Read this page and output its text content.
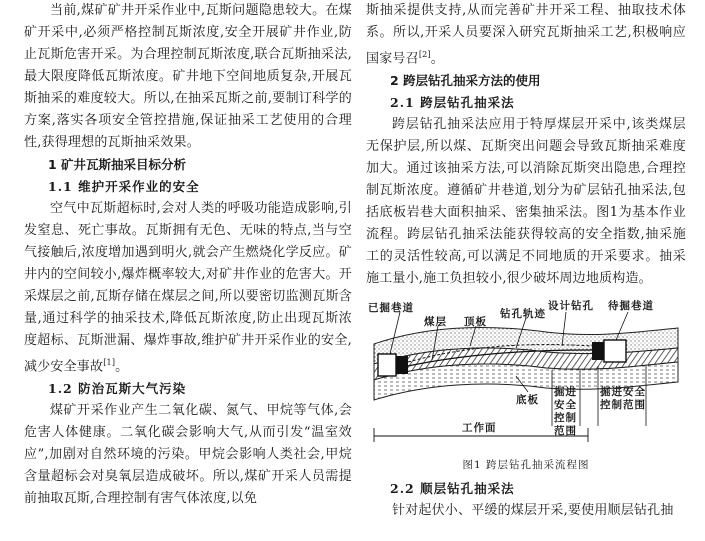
当前,煤矿矿井开采作业中,瓦斯问题隐患较大。在煤矿开采中,必须严格控制瓦斯浓度,安全开展矿井作业,防止瓦斯危害开采。为合理控制瓦斯浓度,联合瓦斯抽采法,最大限度降低瓦斯浓度。矿井地下空间地质复杂,开展瓦斯抽采的难度较大。所以,在抽采瓦斯之前,要制订科学的方案,落实各项安全管控措施,保证抽采工艺使用的合理性,获得理想的瓦斯抽采效果。

1 矿井瓦斯抽采目标分析

1.1 维护开采作业的安全

空气中瓦斯超标时,会对人类的呼吸功能造成影响,引发窒息、死亡事故。瓦斯拥有无色、无味的特点,当与空气接触后,浓度增加遇到明火,就会产生燃烧化学反应。矿井内的空间较小,爆炸概率较大,对矿井作业的危害大。开采煤层之前,瓦斯存储在煤层之间,所以要密切监测瓦斯含量,通过科学的抽采技术,降低瓦斯浓度,防止出现瓦斯浓度超标、瓦斯泄漏、爆炸事故,维护矿井开采作业的安全,减少安全事故[1]。

1.2 防治瓦斯大气污染

煤矿开采作业产生二氧化碳、氮气、甲烷等气体,会危害人体健康。二氧化碳会影响大气,从而引发“温室效应”,加剧对自然环境的污染。甲烷会影响人类社会,甲烷含量超标会对臭氧层造成破坏。所以,煤矿开采人员需提前抽取瓦斯,合理控制有害气体浓度,以免

斯抽采提供支持,从而完善矿井开采工程、抽取技术体系。所以,开采人员要深入研究瓦斯抽采工艺,积极响应国家号召[2]。

2 跨层钻孔抽采方法的使用

2.1 跨层钻孔抽采法

跨层钻孔抽采法应用于特厚煤层开采中,该类煤层无保护层,所以煤、瓦斯突出问题会导致瓦斯抽采难度加大。通过该抽采方法,可以消除瓦斯突出隐患,合理控制瓦斯浓度。遵循矿井巷道,划分为矿层钻孔抽采法,包括底板岩巷大面积抽采、密集抽采法。图1为基本作业流程。跨层钻孔抽采法能获得较高的安全指数,抽采施工的灵活性较高,可以满足不同地质的开采要求。抽采施工量小,施工负担较小,很少破坏周边地质构造。

已掘巷道
煤层 顶板
钻孔轨迹
设计钻孔 待掘巷道
底板
掘进安全控制范围
掘进安全控制范围
工作面

图1 跨层钻孔抽采流程图

2.2 顺层钻孔抽采法

针对起伏小、平缓的煤层开采,要使用顺层钻孔抽
